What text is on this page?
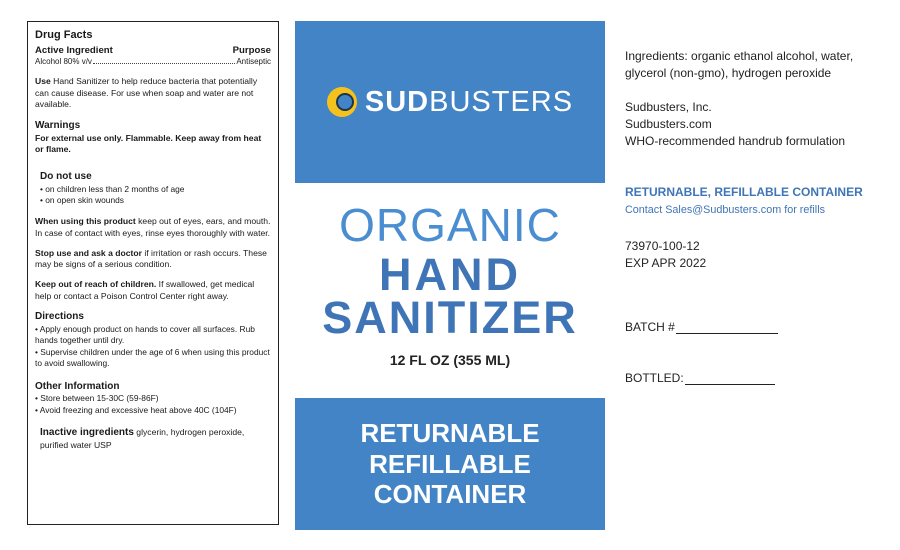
Drug Facts
Active Ingredient	Purpose
Alcohol 80% v/v	Antiseptic

Use Hand Sanitizer to help reduce bacteria that potentially can cause disease. For use when soap and water are not available.

Warnings
For external use only. Flammable. Keep away from heat or flame.
Do not use
• on children less than 2 months of age
• on open skin wounds

When using this product keep out of eyes, ears, and mouth. In case of contact with eyes, rinse eyes thoroughly with water.

Stop use and ask a doctor if irritation or rash occurs. These may be signs of a serious condition.

Keep out of reach of children. If swallowed, get medical help or contact a Poison Control Center right away.

Directions
• Apply enough product on hands to cover all surfaces. Rub hands together until dry.
• Supervise children under the age of 6 when using this product to avoid swallowing.
Other Information
• Store between 15-30C (59-86F)
• Avoid freezing and excessive heat above 40C (104F)

Inactive ingredients glycerin, hydrogen peroxide, purified water USP

SUDBUSTERS
ORGANIC
HAND
SANITIZER
12 FL OZ (355 ML)
RETURNABLE
REFILLABLE
CONTAINER
Ingredients: organic ethanol alcohol, water, glycerol (non-gmo), hydrogen peroxide
Sudbusters, Inc.
Sudbusters.com
WHO-recommended handrub formulation
RETURNABLE, REFILLABLE CONTAINER
Contact Sales@Sudbusters.com for refills
73970-100-12
EXP APR 2022
BATCH #
BOTTLED:
